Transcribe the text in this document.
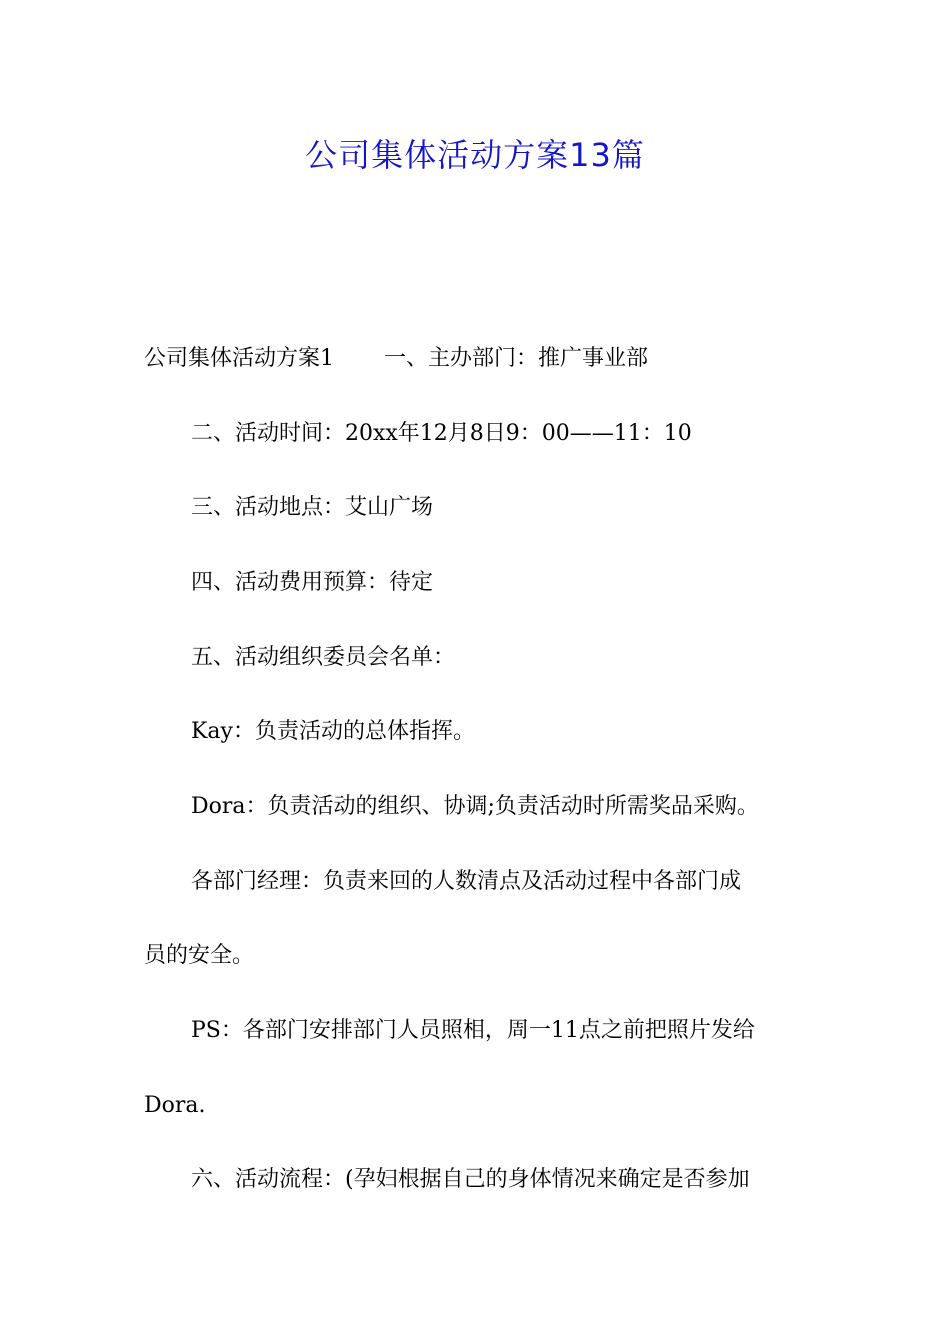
公司集体活动方案13篇

公司集体活动方案1 一、主办部门：推广事业部

二、活动时间：20xx年12月8日9：00——11：10

三、活动地点：艾山广场

四、活动费用预算：待定

五、活动组织委员会名单：

Kay：负责活动的总体指挥。

Dora：负责活动的组织、协调;负责活动时所需奖品采购。

各部门经理：负责来回的人数清点及活动过程中各部门成

员的安全。

PS：各部门安排部门人员照相，周一11点之前把照片发给

Dora.

六、活动流程：(孕妇根据自己的身体情况来确定是否参加
